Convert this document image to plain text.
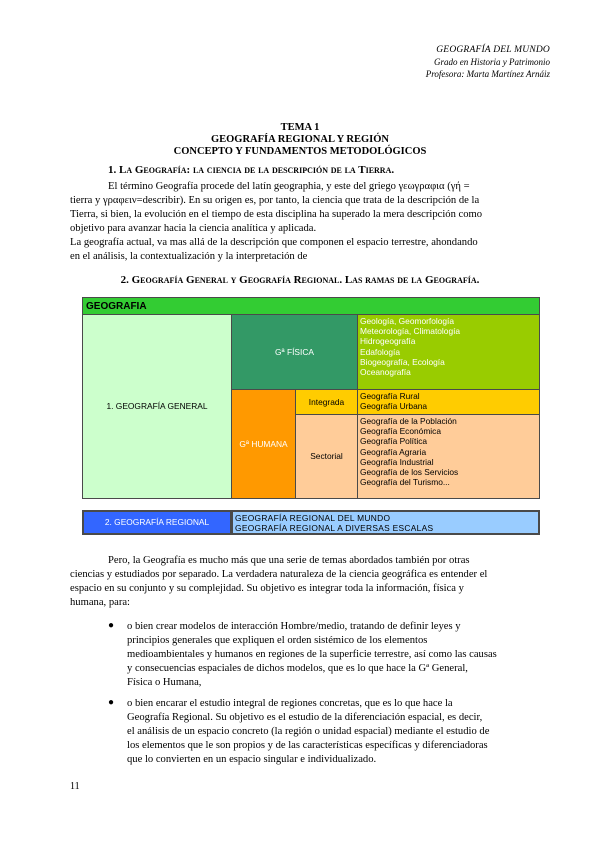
GEOGRAFÍA DEL MUNDO
Grado en Historia y Patrimonio
Profesora: Marta Martínez Arnáiz
TEMA 1
GEOGRAFÍA REGIONAL Y REGIÓN
CONCEPTO Y FUNDAMENTOS METODOLÓGICOS
1. La Geografía: la ciencia de la descripción de la Tierra.
El término Geografía procede del latín geographia, y este del griego γεωγραφια (γή =
tierra y γραφειν=describir). En su origen es, por tanto, la ciencia que trata de la descripción de la
Tierra, si bien, la evolución en el tiempo de esta disciplina ha superado la mera descripción como
objetivo para avanzar hacia la ciencia analítica y aplicada.
La geografía actual, va mas allá de la descripción que componen el espacio terrestre, ahondando
en el análisis, la contextualización y la interpretación de
2. Geografía General y Geografía Regional. Las ramas de la Geografía.
GEOGRAFIA
1. GEOGRAFÍA GENERAL
Gª FÍSICA
Geología, Geomorfología
Meteorología, Climatología
Hidrogeografía
Edafología
Biogeografía, Ecología
Oceanografía
Gª HUMANA
Integrada
Geografía Rural
Geografía Urbana
Sectorial
Geografía de la Población
Geografía Económica
Geografía Política
Geografía Agraria
Geografía Industrial
Geografía de los Servicios
Geografía del Turismo...
2. GEOGRAFÍA REGIONAL	GEOGRAFÍA REGIONAL DEL MUNDO
GEOGRAFÍA REGIONAL A DIVERSAS ESCALAS
Pero, la Geografía es mucho más que una serie de temas abordados también por otras
ciencias y estudiados por separado. La verdadera naturaleza de la ciencia geográfica es entender el
espacio en su conjunto y su complejidad. Su objetivo es integrar toda la información, física y
humana, para:
● o bien crear modelos de interacción Hombre/medio, tratando de definir leyes y
principios generales que expliquen el orden sistémico de los elementos
medioambientales y humanos en regiones de la superficie terrestre, así como las causas
y consecuencias espaciales de dichos modelos, que es lo que hace la Gª General,
Física o Humana,
● o bien encarar el estudio integral de regiones concretas, que es lo que hace la
Geografía Regional. Su objetivo es el estudio de la diferenciación espacial, es decir,
el análisis de un espacio concreto (la región o unidad espacial) mediante el estudio de
los elementos que le son propios y de las características específicas y diferenciadoras
que lo convierten en un espacio singular e individualizado.
11
